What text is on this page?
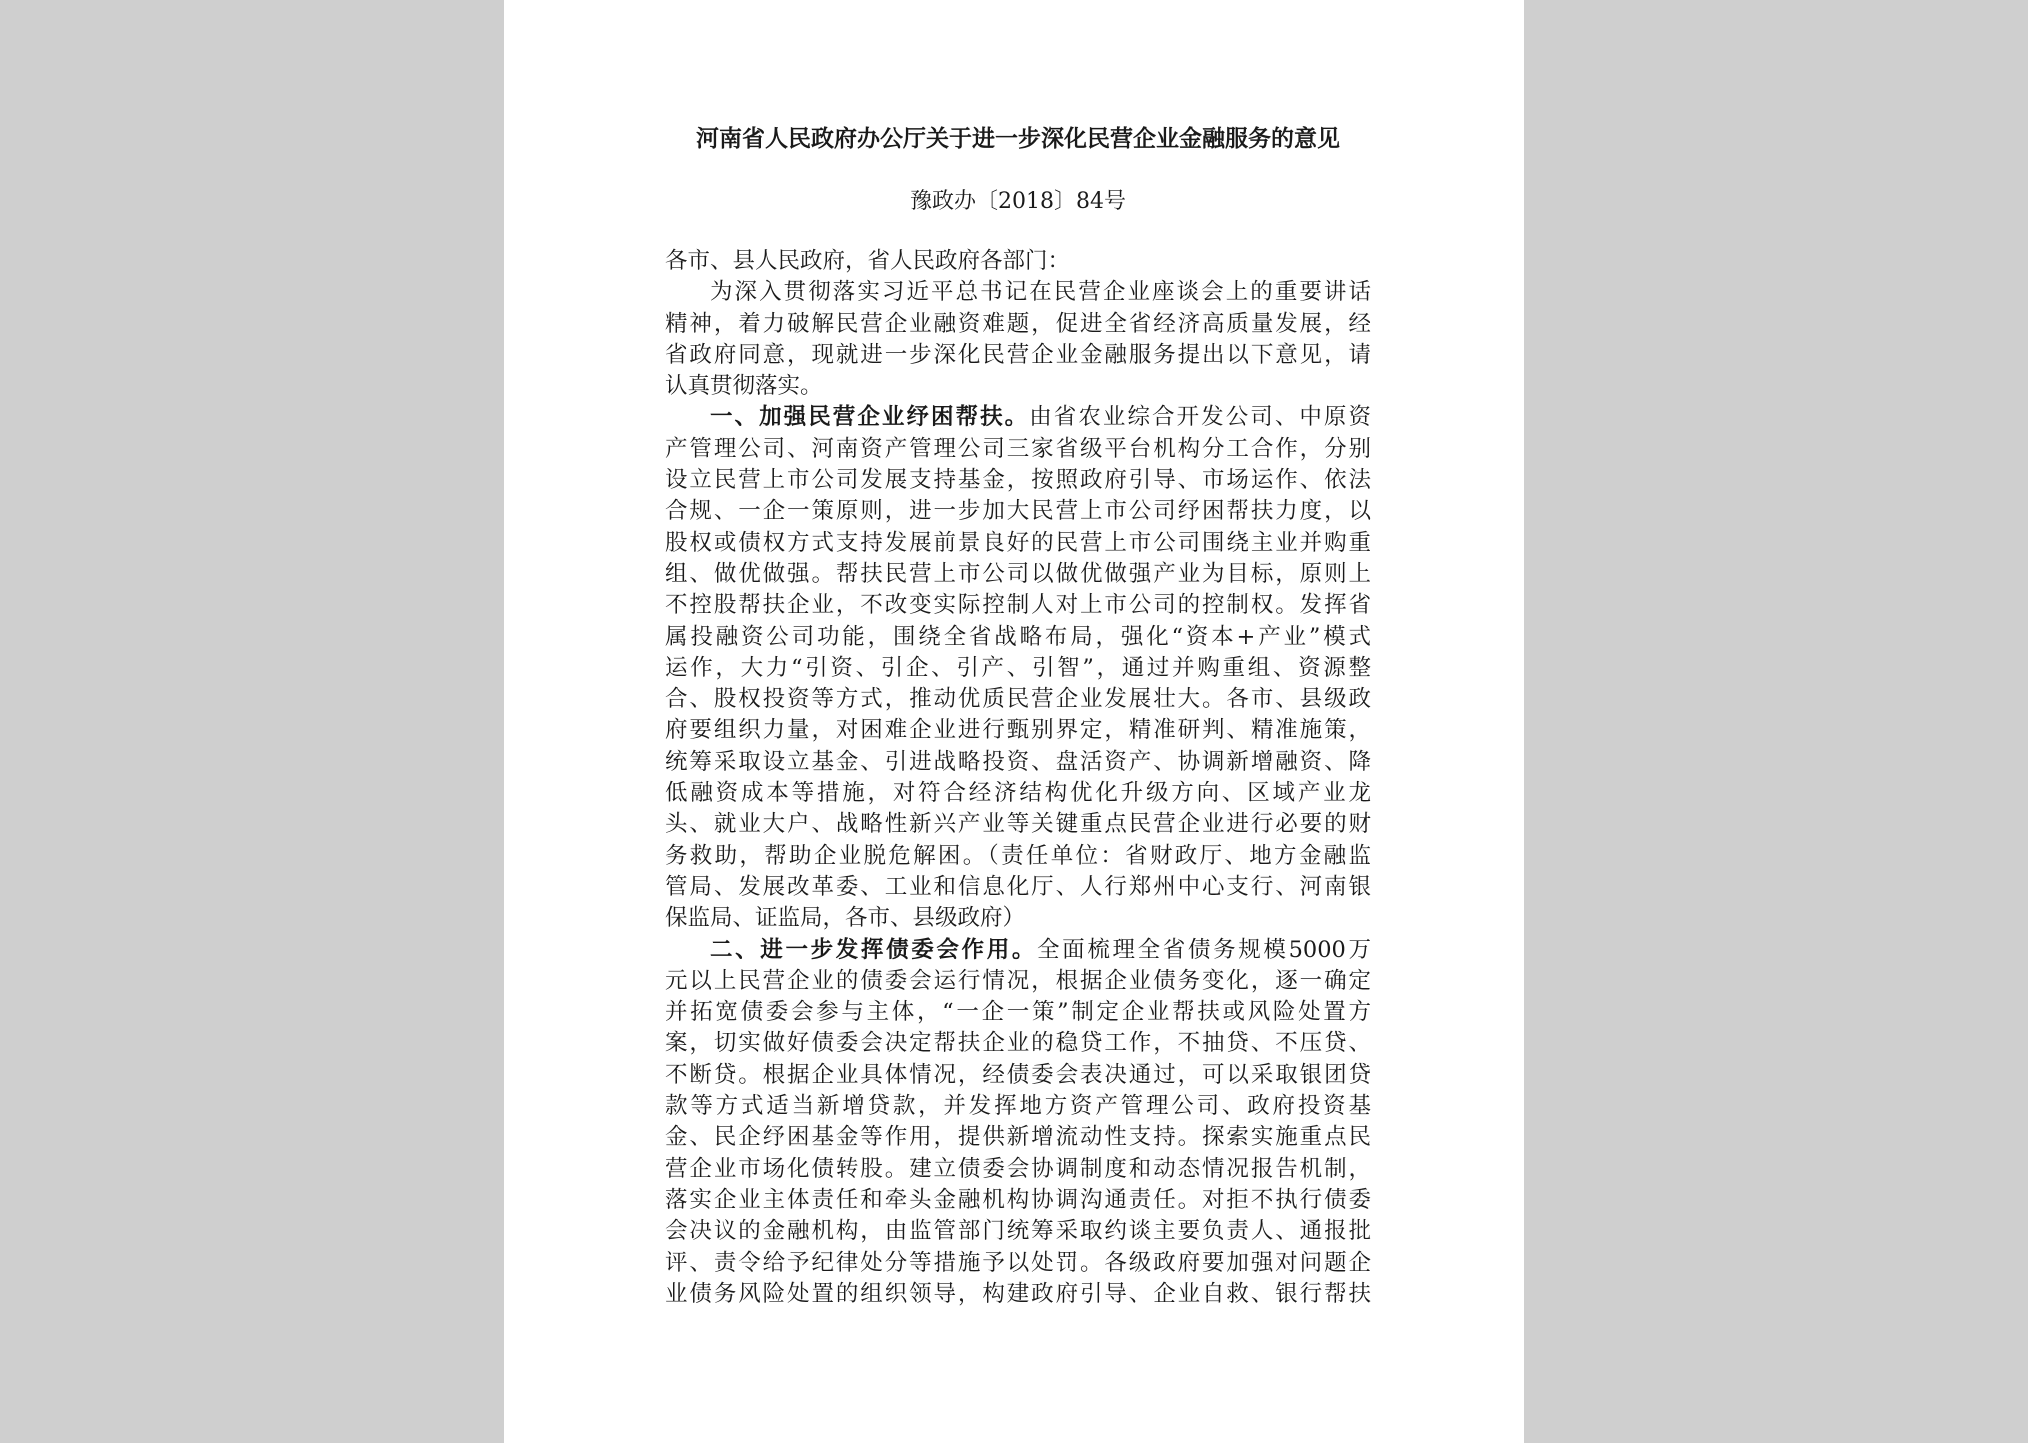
河南省人民政府办公厅关于进一步深化民营企业金融服务的意见
豫政办〔2018〕84号
各市、县人民政府，省人民政府各部门：
为深入贯彻落实习近平总书记在民营企业座谈会上的重要讲话
精神，着力破解民营企业融资难题，促进全省经济高质量发展，经
省政府同意，现就进一步深化民营企业金融服务提出以下意见，请
认真贯彻落实。
一、加强民营企业纾困帮扶。由省农业综合开发公司、中原资
产管理公司、河南资产管理公司三家省级平台机构分工合作，分别
设立民营上市公司发展支持基金，按照政府引导、市场运作、依法
合规、一企一策原则，进一步加大民营上市公司纾困帮扶力度，以
股权或债权方式支持发展前景良好的民营上市公司围绕主业并购重
组、做优做强。帮扶民营上市公司以做优做强产业为目标，原则上
不控股帮扶企业，不改变实际控制人对上市公司的控制权。发挥省
属投融资公司功能，围绕全省战略布局，强化“资本+产业”模式
运作，大力“引资、引企、引产、引智”，通过并购重组、资源整
合、股权投资等方式，推动优质民营企业发展壮大。各市、县级政
府要组织力量，对困难企业进行甄别界定，精准研判、精准施策，
统筹采取设立基金、引进战略投资、盘活资产、协调新增融资、降
低融资成本等措施，对符合经济结构优化升级方向、区域产业龙
头、就业大户、战略性新兴产业等关键重点民营企业进行必要的财
务救助，帮助企业脱危解困。（责任单位：省财政厅、地方金融监
管局、发展改革委、工业和信息化厅、人行郑州中心支行、河南银
保监局、证监局，各市、县级政府）
二、进一步发挥债委会作用。全面梳理全省债务规模5000万
元以上民营企业的债委会运行情况，根据企业债务变化，逐一确定
并拓宽债委会参与主体，“一企一策”制定企业帮扶或风险处置方
案，切实做好债委会决定帮扶企业的稳贷工作，不抽贷、不压贷、
不断贷。根据企业具体情况，经债委会表决通过，可以采取银团贷
款等方式适当新增贷款，并发挥地方资产管理公司、政府投资基
金、民企纾困基金等作用，提供新增流动性支持。探索实施重点民
营企业市场化债转股。建立债委会协调制度和动态情况报告机制，
落实企业主体责任和牵头金融机构协调沟通责任。对拒不执行债委
会决议的金融机构，由监管部门统筹采取约谈主要负责人、通报批
评、责令给予纪律处分等措施予以处罚。各级政府要加强对问题企
业债务风险处置的组织领导，构建政府引导、企业自救、银行帮扶
